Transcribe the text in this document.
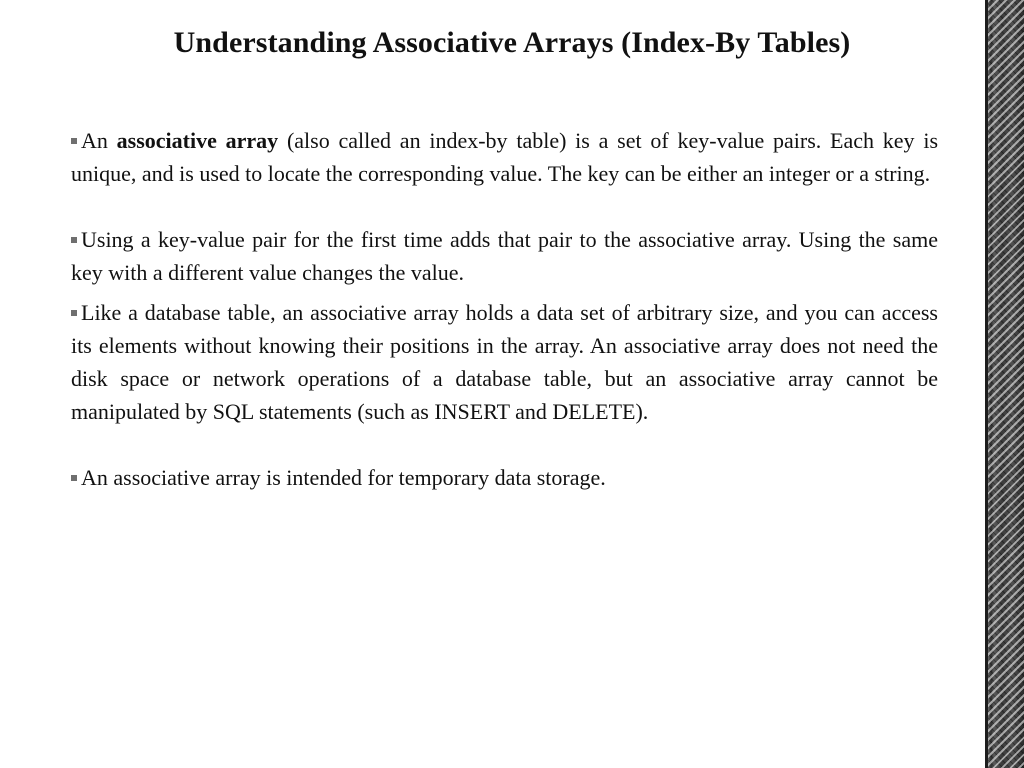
Understanding Associative Arrays (Index-By Tables)

An associative array (also called an index-by table) is a set of key-value pairs. Each key is unique, and is used to locate the corresponding value. The key can be either an integer or a string.

Using a key-value pair for the first time adds that pair to the associative array. Using the same key with a different value changes the value.

Like a database table, an associative array holds a data set of arbitrary size, and you can access its elements without knowing their positions in the array. An associative array does not need the disk space or network operations of a database table, but an associative array cannot be manipulated by SQL statements (such as INSERT and DELETE).

An associative array is intended for temporary data storage.
